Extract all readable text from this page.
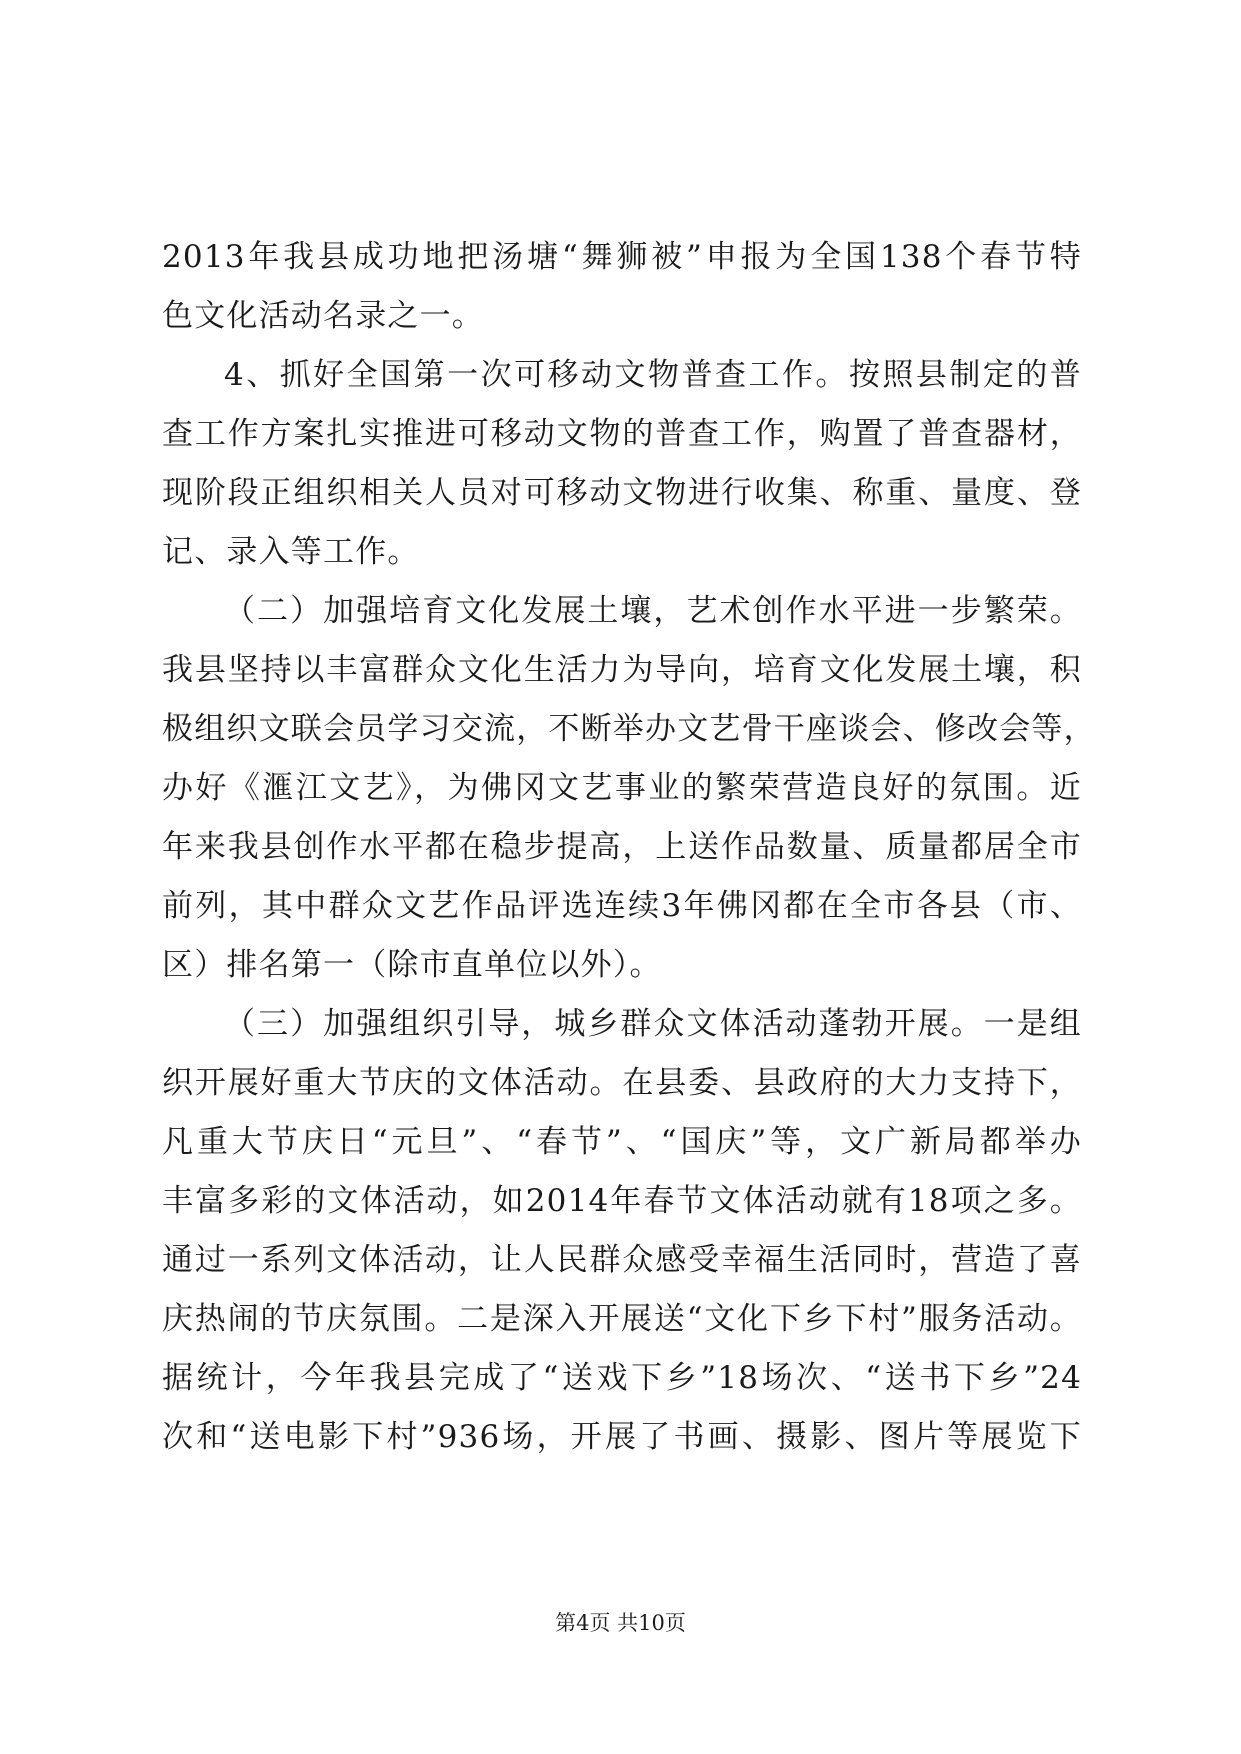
2013年我县成功地把汤塘“舞狮被”申报为全国138个春节特
色文化活动名录之一。
4、抓好全国第一次可移动文物普查工作。按照县制定的普
查工作方案扎实推进可移动文物的普查工作，购置了普查器材，
现阶段正组织相关人员对可移动文物进行收集、称重、量度、登
记、录入等工作。
（二）加强培育文化发展土壤，艺术创作水平进一步繁荣。
我县坚持以丰富群众文化生活力为导向，培育文化发展土壤，积
极组织文联会员学习交流，不断举办文艺骨干座谈会、修改会等，
办好《滙江文艺》，为佛冈文艺事业的繁荣营造良好的氛围。近
年来我县创作水平都在稳步提高，上送作品数量、质量都居全市
前列，其中群众文艺作品评选连续3年佛冈都在全市各县（市、
区）排名第一（除市直单位以外）。
（三）加强组织引导，城乡群众文体活动蓬勃开展。一是组
织开展好重大节庆的文体活动。在县委、县政府的大力支持下，
凡重大节庆日“元旦”、“春节”、“国庆”等，文广新局都举办
丰富多彩的文体活动，如2014年春节文体活动就有18项之多。
通过一系列文体活动，让人民群众感受幸福生活同时，营造了喜
庆热闹的节庆氛围。二是深入开展送“文化下乡下村”服务活动。
据统计，今年我县完成了“送戏下乡”18场次、“送书下乡”24
次和“送电影下村”936场，开展了书画、摄影、图片等展览下
第4页 共10页
